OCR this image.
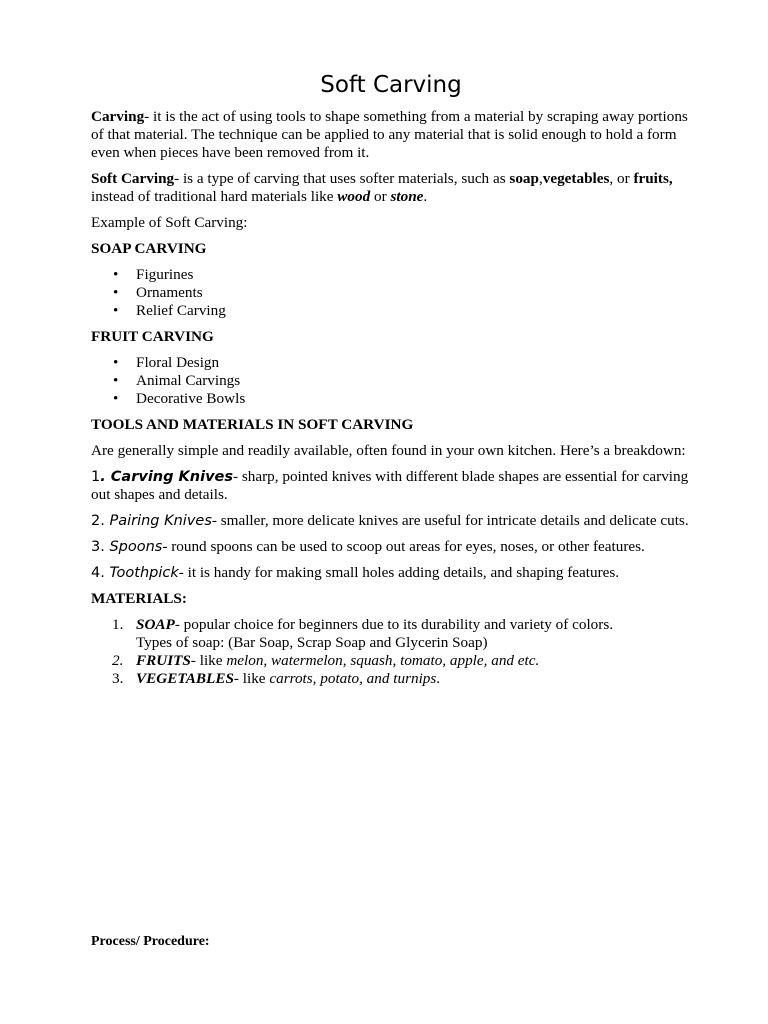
Soft Carving

Carving- it is the act of using tools to shape something from a material by scraping away portions of that material. The technique can be applied to any material that is solid enough to hold a form even when pieces have been removed from it.

Soft Carving- is a type of carving that uses softer materials, such as soap,vegetables, or fruits, instead of traditional hard materials like wood or stone.

Example of Soft Carving:

SOAP CARVING
• Figurines
• Ornaments
• Relief Carving
FRUIT CARVING
• Floral Design
• Animal Carvings
• Decorative Bowls
TOOLS AND MATERIALS IN SOFT CARVING

Are generally simple and readily available, often found in your own kitchen. Here’s a breakdown:

1. Carving Knives- sharp, pointed knives with different blade shapes are essential for carving out shapes and details.

2. Pairing Knives- smaller, more delicate knives are useful for intricate details and delicate cuts.

3. Spoons- round spoons can be used to scoop out areas for eyes, noses, or other features.

4. Toothpick- it is handy for making small holes adding details, and shaping features.

MATERIALS:
1. SOAP- popular choice for beginners due to its durability and variety of colors.
Types of soap: (Bar Soap, Scrap Soap and Glycerin Soap)
2. FRUITS- like melon, watermelon, squash, tomato, apple, and etc.
3. VEGETABLES- like carrots, potato, and turnips.
Process/ Procedure:
